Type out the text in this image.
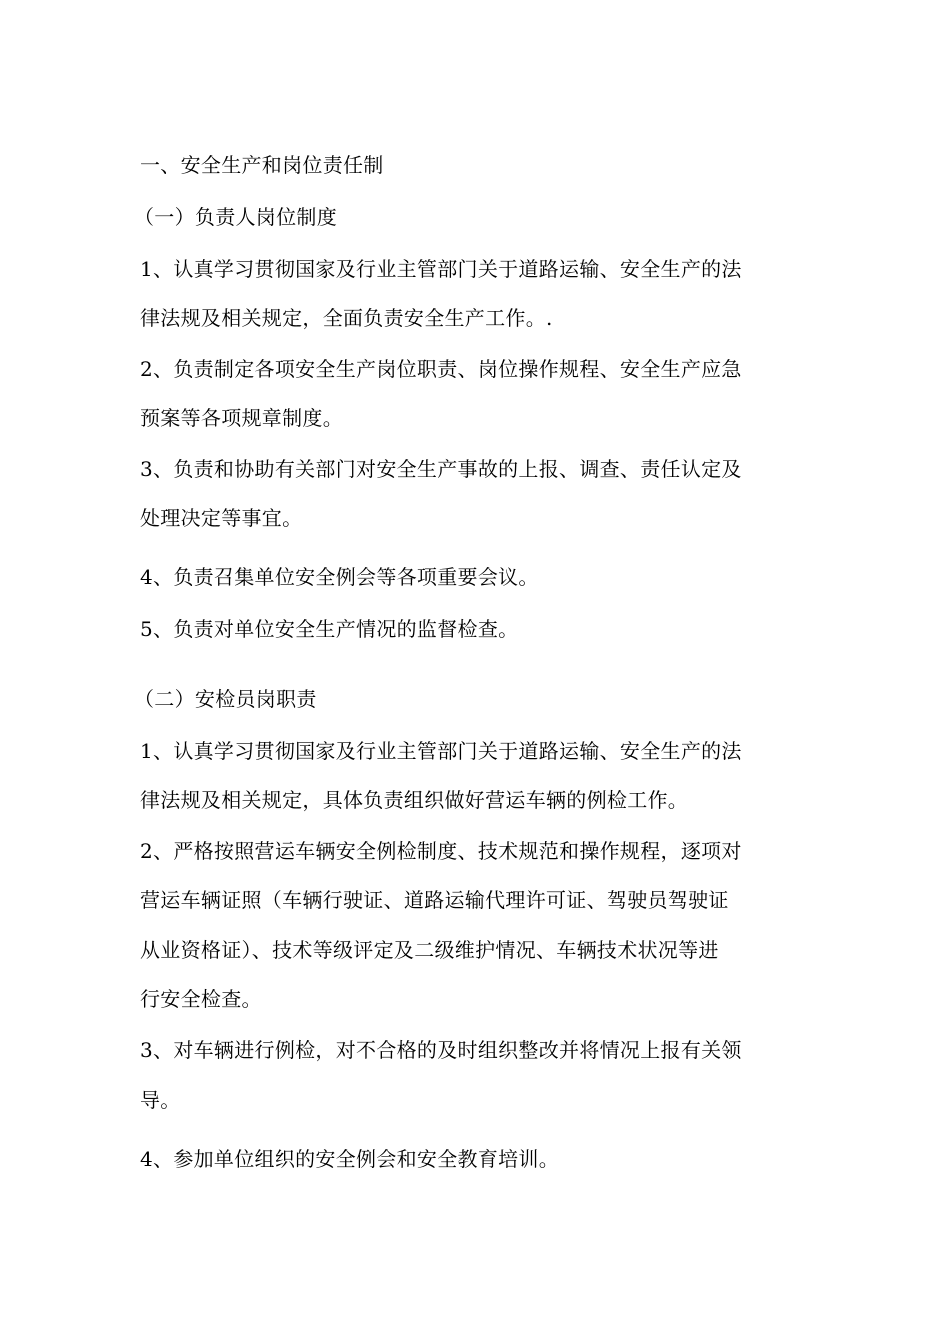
一、安全生产和岗位责任制
（一）负责人岗位制度
1、认真学习贯彻国家及行业主管部门关于道路运输、安全生产的法
律法规及相关规定，全面负责安全生产工作。.
2、负责制定各项安全生产岗位职责、岗位操作规程、安全生产应急
预案等各项规章制度。
3、负责和协助有关部门对安全生产事故的上报、调查、责任认定及
处理决定等事宜。
4、负责召集单位安全例会等各项重要会议。
5、负责对单位安全生产情况的监督检查。
（二）安检员岗职责
1、认真学习贯彻国家及行业主管部门关于道路运输、安全生产的法
律法规及相关规定，具体负责组织做好营运车辆的例检工作。
2、严格按照营运车辆安全例检制度、技术规范和操作规程，逐项对
营运车辆证照（车辆行驶证、道路运输代理许可证、驾驶员驾驶证
从业资格证）、技术等级评定及二级维护情况、车辆技术状况等进
行安全检查。
3、对车辆进行例检，对不合格的及时组织整改并将情况上报有关领
导。
4、参加单位组织的安全例会和安全教育培训。
